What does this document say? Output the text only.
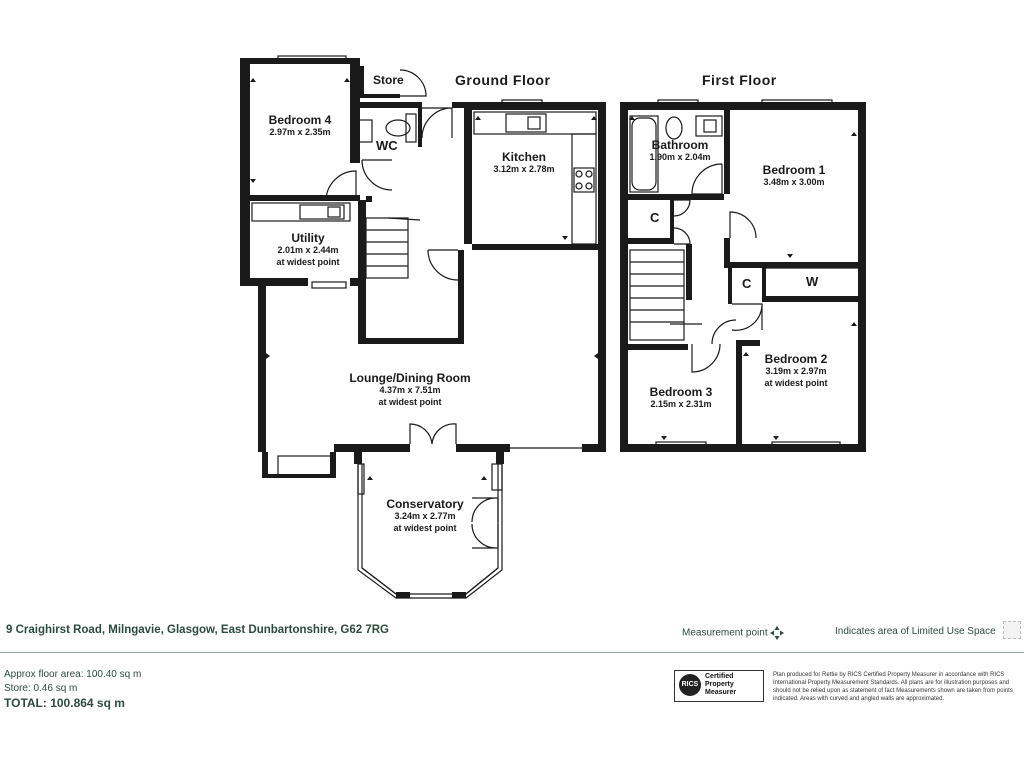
Ground Floor	First Floor
Store
Bedroom 4
2.97m x 2.35m
WC
Kitchen
3.12m x 2.78m
Utility
2.01m x 2.44m
at widest point
Lounge/Dining Room
4.37m x 7.51m
at widest point
Conservatory
3.24m x 2.77m
at widest point
Bathroom
1.90m x 2.04m
Bedroom 1
3.48m x 3.00m
C
W
C
Bedroom 2
3.19m x 2.97m
at widest point
Bedroom 3
2.15m x 2.31m
9 Craighirst Road, Milngavie, Glasgow, East Dunbartonshire, G62 7RG	Measurement point	Indicates area of Limited Use Space
Approx floor area: 100.40 sq m
Store: 0.46 sq m
TOTAL: 100.864 sq m
RICS
Certified
Property
Measurer
Plan produced for Rettie by RICS Certified Property Measurer in accordance with RICS International Property Measurement Standards. All plans are for illustration purposes and should not be relied upon as statement of fact Measurements shown are taken from points indicated. Areas with curved and angled walls are approximated.
